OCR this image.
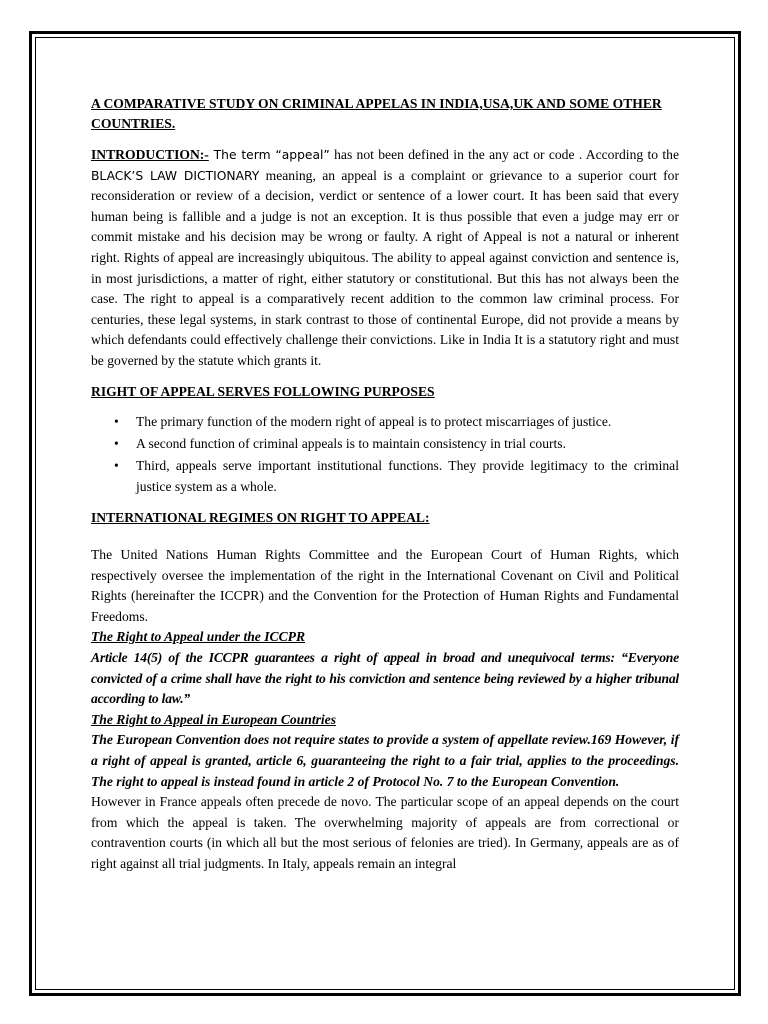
A COMPARATIVE STUDY ON CRIMINAL APPELAS IN INDIA,USA,UK AND SOME OTHER COUNTRIES.

INTRODUCTION:- The term “appeal” has not been defined in the any act or code . According to the BLACK’S LAW DICTIONARY meaning, an appeal is a complaint or grievance to a superior court for reconsideration or review of a decision, verdict or sentence of a lower court. It has been said that every human being is fallible and a judge is not an exception. It is thus possible that even a judge may err or commit mistake and his decision may be wrong or faulty. A right of Appeal is not a natural or inherent right. Rights of appeal are increasingly ubiquitous. The ability to appeal against conviction and sentence is, in most jurisdictions, a matter of right, either statutory or constitutional. But this has not always been the case. The right to appeal is a comparatively recent addition to the common law criminal process. For centuries, these legal systems, in stark contrast to those of continental Europe, did not provide a means by which defendants could effectively challenge their convictions. Like in India It is a statutory right and must be governed by the statute which grants it.

RIGHT OF APPEAL SERVES FOLLOWING PURPOSES

• The primary function of the modern right of appeal is to protect miscarriages of justice.
• A second function of criminal appeals is to maintain consistency in trial courts.
• Third, appeals serve important institutional functions. They provide legitimacy to the criminal justice system as a whole.

INTERNATIONAL REGIMES ON RIGHT TO APPEAL:

The United Nations Human Rights Committee and the European Court of Human Rights, which respectively oversee the implementation of the right in the International Covenant on Civil and Political Rights (hereinafter the ICCPR) and the Convention for the Protection of Human Rights and Fundamental Freedoms.

The Right to Appeal under the ICCPR

Article 14(5) of the ICCPR guarantees a right of appeal in broad and unequivocal terms: “Everyone convicted of a crime shall have the right to his conviction and sentence being reviewed by a higher tribunal according to law.”

The Right to Appeal in European Countries

The European Convention does not require states to provide a system of appellate review.169 However, if a right of appeal is granted, article 6, guaranteeing the right to a fair trial, applies to the proceedings. The right to appeal is instead found in article 2 of Protocol No. 7 to the European Convention.

However in France appeals often precede de novo. The particular scope of an appeal depends on the court from which the appeal is taken. The overwhelming majority of appeals are from correctional or contravention courts (in which all but the most serious of felonies are tried). In Germany, appeals are as of right against all trial judgments. In Italy, appeals remain an integral
